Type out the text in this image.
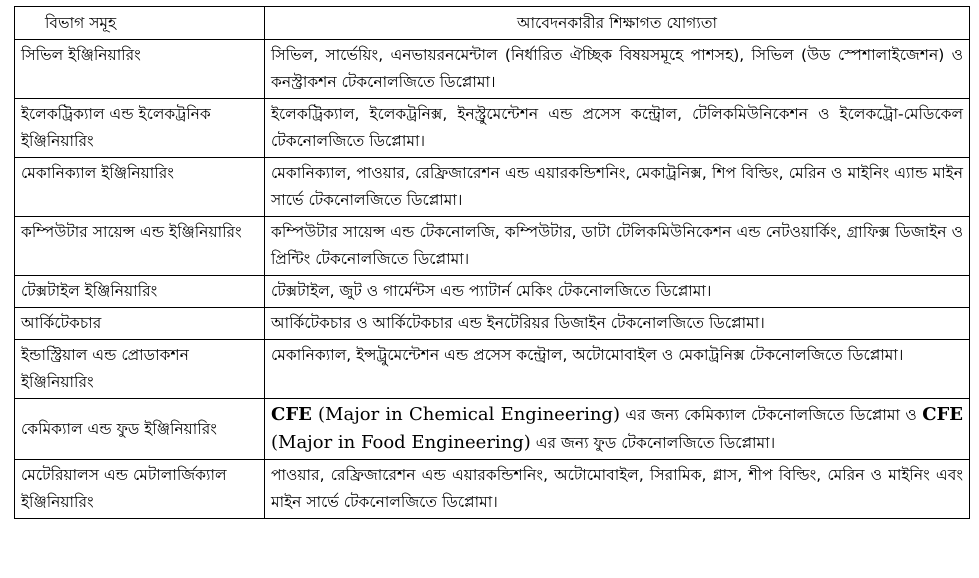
বিভাগ সমূহ	আবেদনকারীর শিক্ষাগত যোগ্যতা
সিভিল ইঞ্জিনিয়ারিং	সিভিল, সার্ভেয়িং, এনভায়রনমেন্টাল (নির্ধারিত ঐচ্ছিক বিষয়সমূহে পাশসহ), সিভিল (উড স্পেশালাইজেশন) ও কনস্ট্রাকশন টেকনোলজিতে ডিপ্লোমা।
ইলেকট্রিক্যাল এন্ড ইলেকট্রনিক ইঞ্জিনিয়ারিং	ইলেকট্রিক্যাল, ইলেকট্রনিক্স, ইনস্ট্রুমেন্টেশন এন্ড প্রসেস কন্ট্রোল, টেলিকমিউনিকেশন ও ইলেকট্রো-মেডিকেল টেকনোলজিতে ডিপ্লোমা।
মেকানিক্যাল ইঞ্জিনিয়ারিং	মেকানিক্যাল, পাওয়ার, রেফ্রিজারেশন এন্ড এয়ারকন্ডিশনিং, মেকাট্রনিক্স, শিপ বিল্ডিং, মেরিন ও মাইনিং এ্যান্ড মাইন সার্ভে টেকনোলজিতে ডিপ্লোমা।
কম্পিউটার সায়েন্স এন্ড ইঞ্জিনিয়ারিং	কম্পিউটার সায়েন্স এন্ড টেকনোলজি, কম্পিউটার, ডাটা টেলিকমিউনিকেশন এন্ড নেটওয়ার্কিং, গ্রাফিক্স ডিজাইন ও প্রিন্টিং টেকনোলজিতে ডিপ্লোমা।
টেক্সটাইল ইঞ্জিনিয়ারিং	টেক্সটাইল, জুট ও গার্মেন্টস এন্ড প্যাটার্ন মেকিং টেকনোলজিতে ডিপ্লোমা।
আর্কিটেকচার	আর্কিটেকচার ও আর্কিটেকচার এন্ড ইনটেরিয়র ডিজাইন টেকনোলজিতে ডিপ্লোমা।
ইন্ডাস্ট্রিয়াল এন্ড প্রোডাকশন ইঞ্জিনিয়ারিং	মেকানিক্যাল, ইন্সট্রুমেন্টেশন এন্ড প্রসেস কন্ট্রোল, অটোমোবাইল ও মেকাট্রনিক্স টেকনোলজিতে ডিপ্লোমা।
কেমিক্যাল এন্ড ফুড ইঞ্জিনিয়ারিং	CFE (Major in Chemical Engineering) এর জন্য কেমিক্যাল টেকনোলজিতে ডিপ্লোমা ও CFE (Major in Food Engineering) এর জন্য ফুড টেকনোলজিতে ডিপ্লোমা।
মেটেরিয়ালস এন্ড মেটালার্জিক্যাল ইঞ্জিনিয়ারিং	পাওয়ার, রেফ্রিজারেশন এন্ড এয়ারকন্ডিশনিং, অটোমোবাইল, সিরামিক, গ্লাস, শীপ বিল্ডিং, মেরিন ও মাইনিং এবং মাইন সার্ভে টেকনোলজিতে ডিপ্লোমা।
